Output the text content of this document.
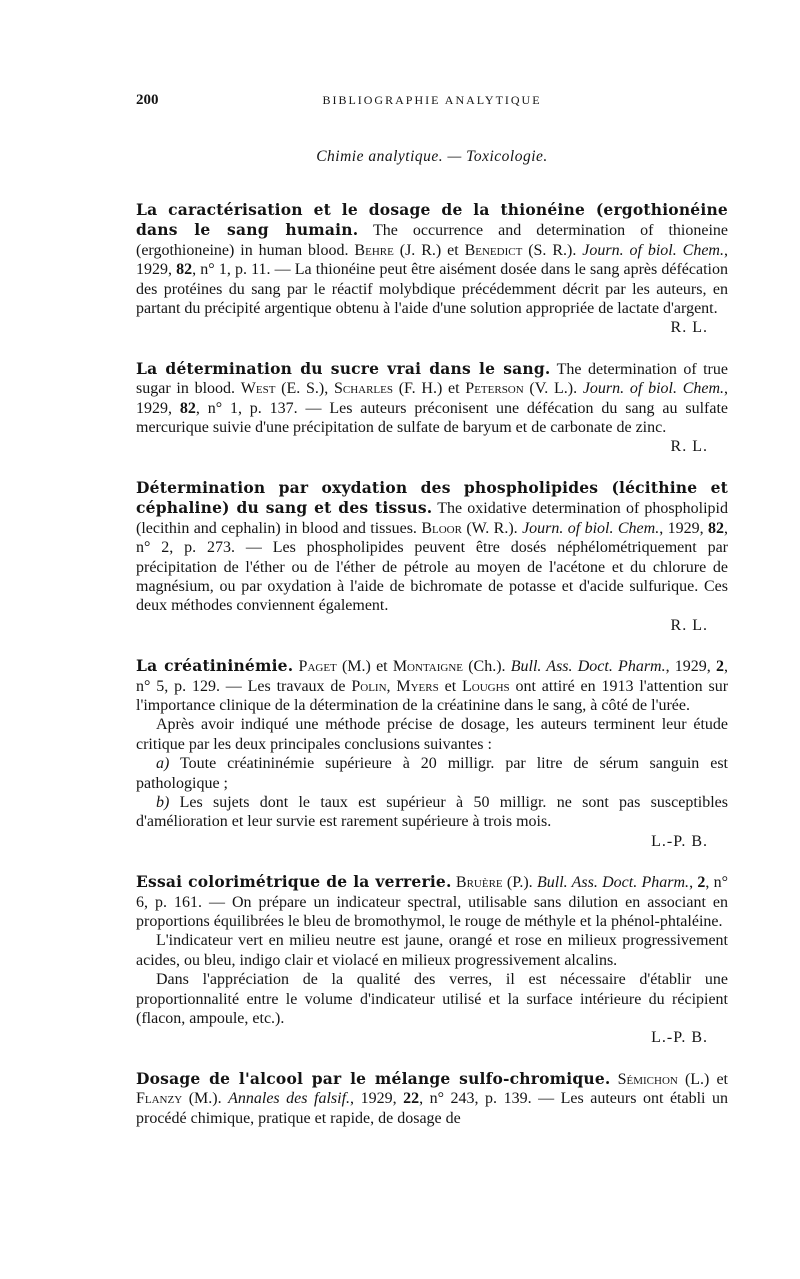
200	BIBLIOGRAPHIE ANALYTIQUE
Chimie analytique. — Toxicologie.

La caractérisation et le dosage de la thionéine (ergothionéine dans le sang humain. The occurrence and determination of thioneine (ergothioneine) in human blood. Behre (J. R.) et Benedict (S. R.). Journ. of biol. Chem., 1929, 82, n° 1, p. 11. — La thionéine peut être aisément dosée dans le sang après défécation des protéines du sang par le réactif molybdique précédemment décrit par les auteurs, en partant du précipité argentique obtenu à l'aide d'une solution appropriée de lactate d'argent.

R. L.

La détermination du sucre vrai dans le sang. The determination of true sugar in blood. West (E. S.), Scharles (F. H.) et Peterson (V. L.). Journ. of biol. Chem., 1929, 82, n° 1, p. 137. — Les auteurs préconisent une défécation du sang au sulfate mercurique suivie d'une précipitation de sulfate de baryum et de carbonate de zinc.

R. L.

Détermination par oxydation des phospholipides (lécithine et céphaline) du sang et des tissus. The oxidative determination of phospholipid (lecithin and cephalin) in blood and tissues. Bloor (W. R.). Journ. of biol. Chem., 1929, 82, n° 2, p. 273. — Les phospholipides peuvent être dosés néphélométriquement par précipitation de l'éther ou de l'éther de pétrole au moyen de l'acétone et du chlorure de magnésium, ou par oxydation à l'aide de bichromate de potasse et d'acide sulfurique. Ces deux méthodes conviennent également.

R. L.

La créatininémie. Paget (M.) et Montaigne (Ch.). Bull. Ass. Doct. Pharm., 1929, 2, n° 5, p. 129. — Les travaux de Polin, Myers et Loughs ont attiré en 1913 l'attention sur l'importance clinique de la détermination de la créatinine dans le sang, à côté de l'urée.

Après avoir indiqué une méthode précise de dosage, les auteurs terminent leur étude critique par les deux principales conclusions suivantes :

a) Toute créatininémie supérieure à 20 milligr. par litre de sérum sanguin est pathologique ;

b) Les sujets dont le taux est supérieur à 50 milligr. ne sont pas susceptibles d'amélioration et leur survie est rarement supérieure à trois mois.

L.-P. B.

Essai colorimétrique de la verrerie. Bruère (P.). Bull. Ass. Doct. Pharm., 2, n° 6, p. 161. — On prépare un indicateur spectral, utilisable sans dilution en associant en proportions équilibrées le bleu de bromothymol, le rouge de méthyle et la phénol-phtaléine.

L'indicateur vert en milieu neutre est jaune, orangé et rose en milieux progressivement acides, ou bleu, indigo clair et violacé en milieux progressivement alcalins.

Dans l'appréciation de la qualité des verres, il est nécessaire d'établir une proportionnalité entre le volume d'indicateur utilisé et la surface intérieure du récipient (flacon, ampoule, etc.).

L.-P. B.

Dosage de l'alcool par le mélange sulfo-chromique. Sémichon (L.) et Flanzy (M.). Annales des falsif., 1929, 22, n° 243, p. 139. — Les auteurs ont établi un procédé chimique, pratique et rapide, de dosage de
